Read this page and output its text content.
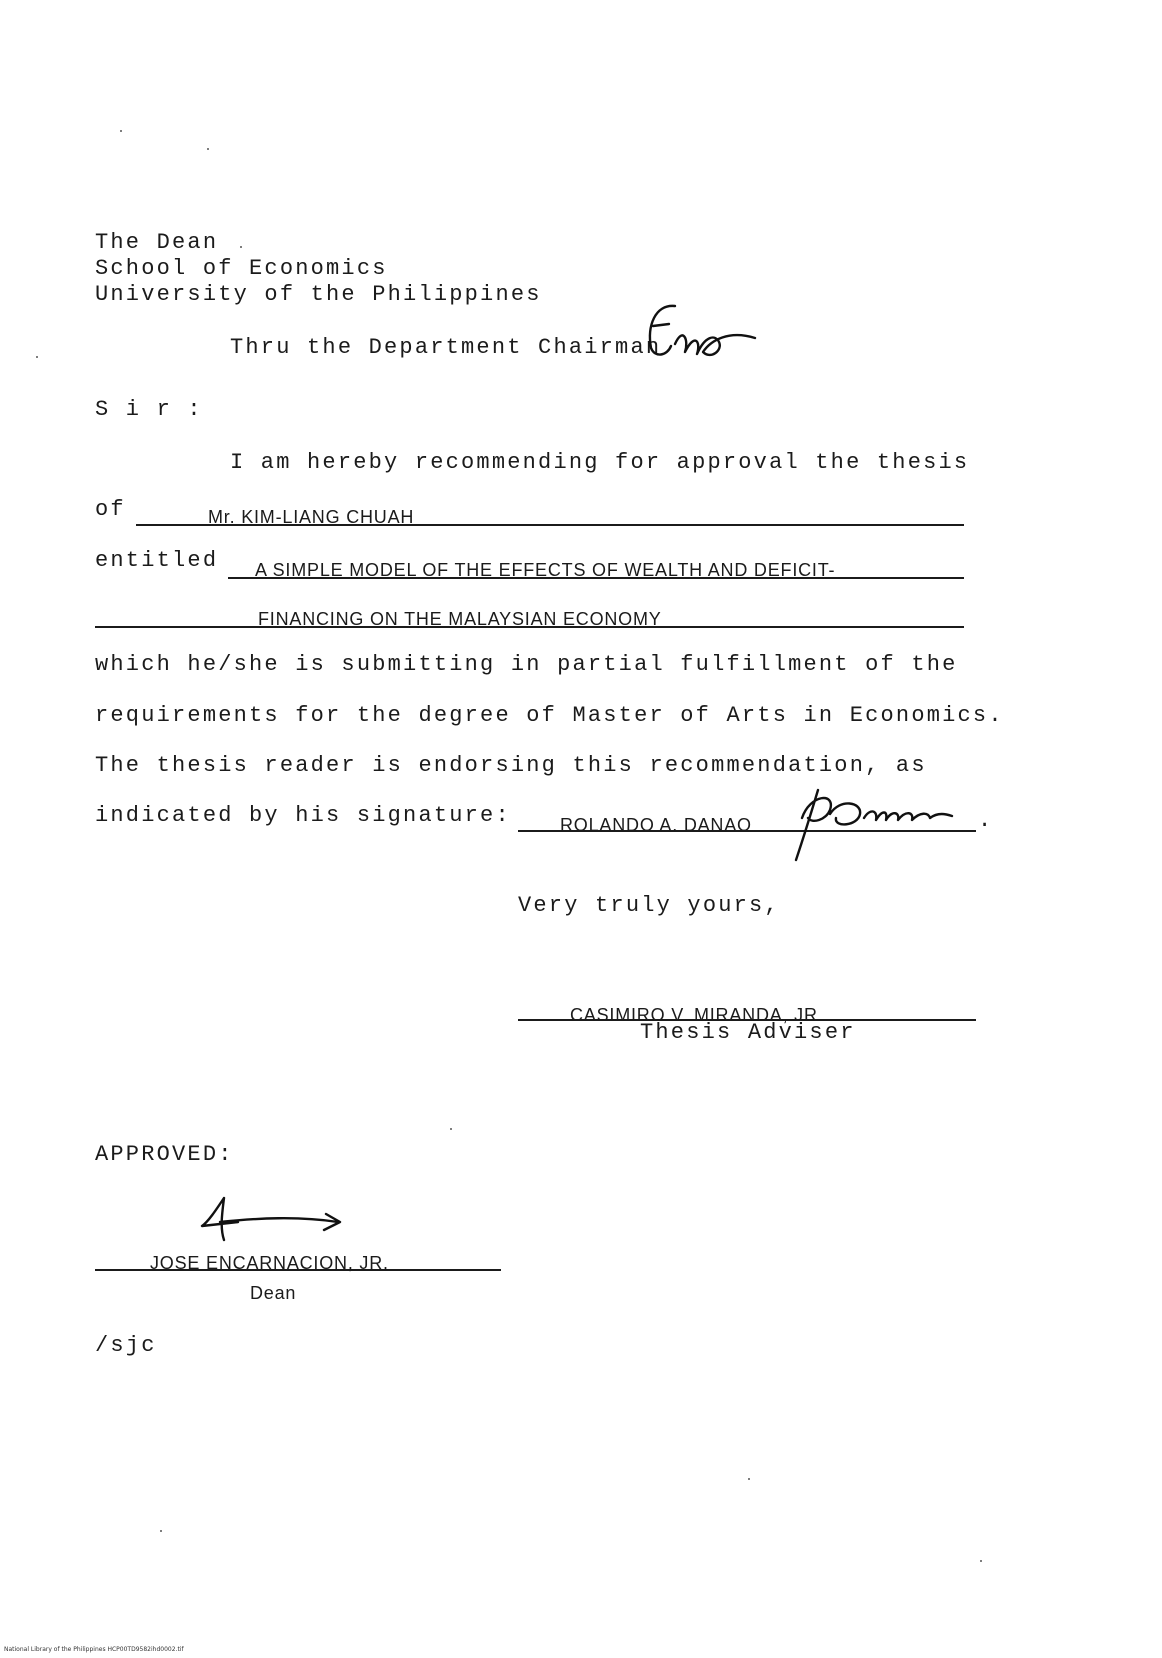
The Dean
School of Economics
University of the Philippines
Thru the Department Chairman
S i r :
I am hereby recommending for approval the thesis
of	Mr. KIM-LIANG CHUAH
entitled A SIMPLE MODEL OF THE EFFECTS OF WEALTH AND DEFICIT-
FINANCING ON THE MALAYSIAN ECONOMY
which he/she is submitting in partial fulfillment of the
requirements for the degree of Master of Arts in Economics.
The thesis reader is endorsing this recommendation, as
indicated by his signature:	ROLANDO A. DANAO	.
Very truly yours,
CASIMIRO V. MIRANDA, JR.
Thesis Adviser
APPROVED:
JOSE ENCARNACION, JR.
Dean
/sjc
National Library of the Philippines HCP00TD9582ihd0002.tif
